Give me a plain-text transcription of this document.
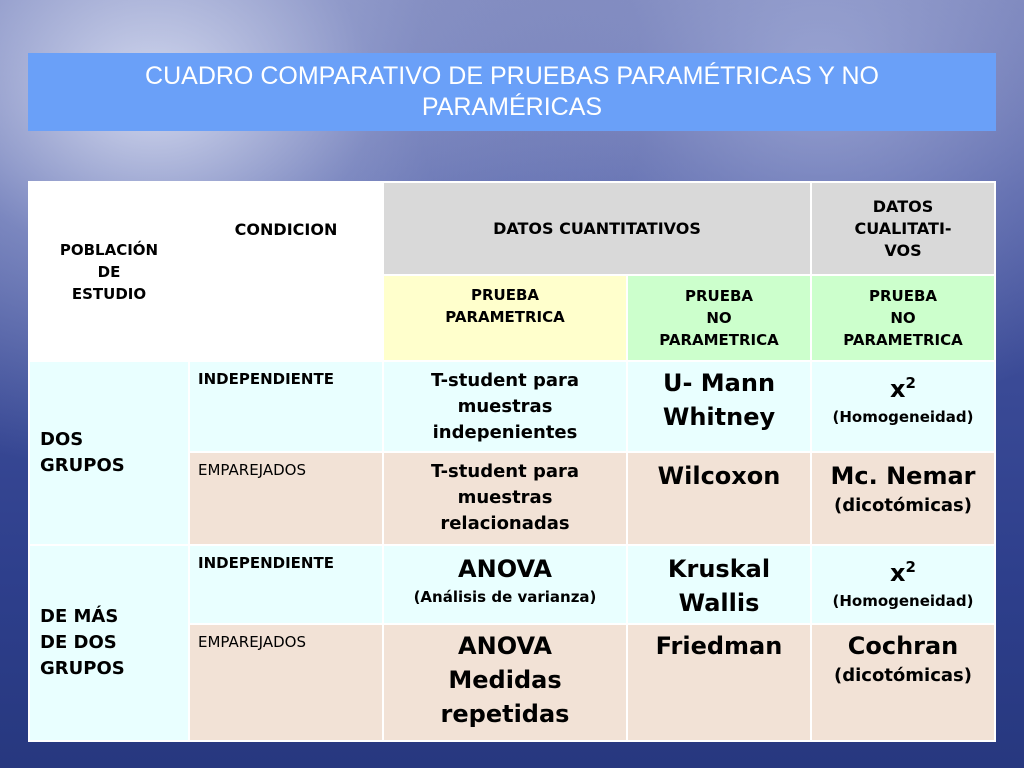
CUADRO COMPARATIVO DE PRUEBAS PARAMÉTRICAS Y NO
PARAMÉRICAS
POBLACIÓN
DE
ESTUDIO	CONDICION	DATOS CUANTITATIVOS		DATOS
CUALITATI-
VOS

		PRUEBA
PARAMETRICA	PRUEBA
NO
PARAMETRICA	PRUEBA
NO
PARAMETRICA

DOS
GRUPOS	INDEPENDIENTE	T-student para
muestras
indepenientes	U- Mann
Whitney	$x^2$
(Homogeneidad)

	EMPAREJADOS	T-student para
muestras
relacionadas	Wilcoxon	Mc. Nemar
(dicotómicas)

DE MÁS
DE DOS
GRUPOS	INDEPENDIENTE	ANOVA
(Análisis de varianza)	Kruskal
Wallis	$x^2$
(Homogeneidad)

	EMPAREJADOS	ANOVA
Medidas
repetidas	Friedman	Cochran
(dicotómicas)
